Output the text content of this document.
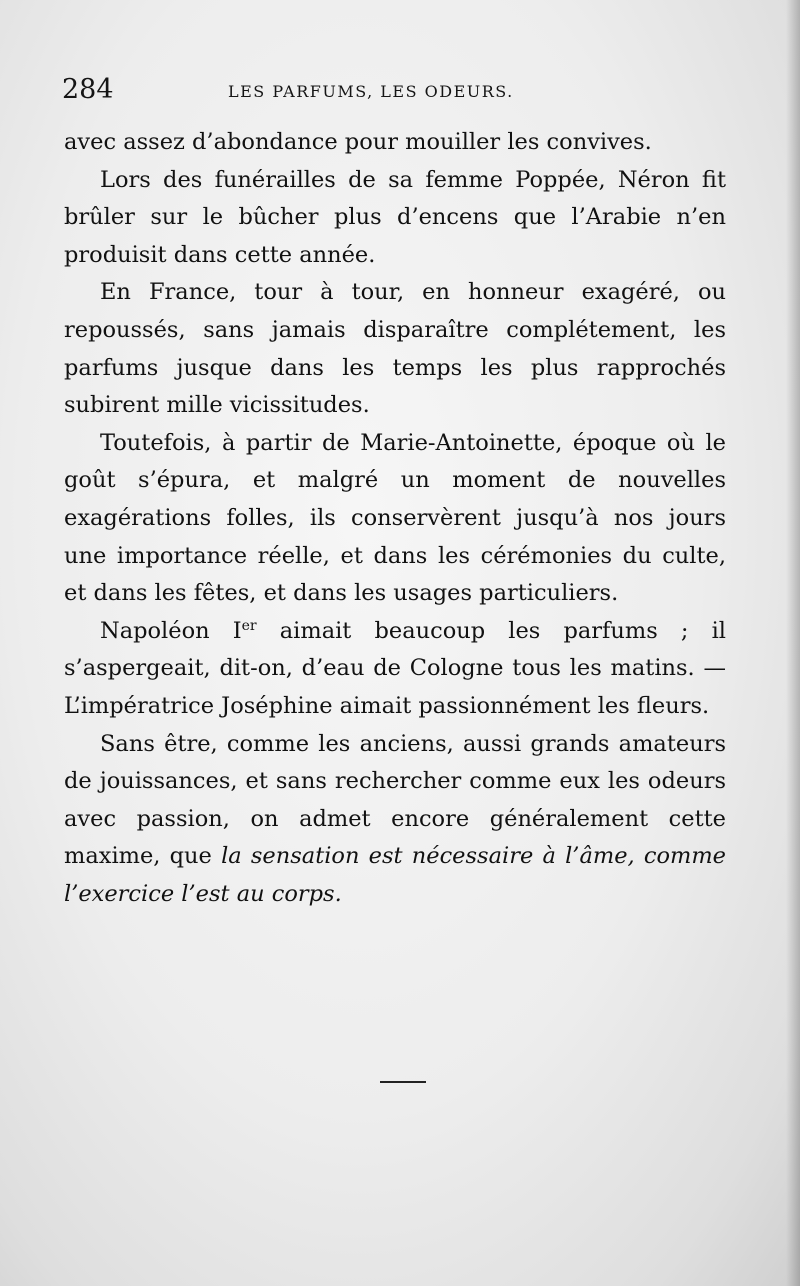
284	LES PARFUMS, LES ODEURS.

avec assez d’abondance pour mouiller les convives.

Lors des funérailles de sa femme Poppée, Néron fit brûler sur le bûcher plus d’encens que l’Arabie n’en produisit dans cette année.

En France, tour à tour, en honneur exagéré, ou repoussés, sans jamais disparaître complétement, les parfums jusque dans les temps les plus rapprochés subirent mille vicissitudes.

Toutefois, à partir de Marie-Antoinette, époque où le goût s’épura, et malgré un moment de nouvelles exagérations folles, ils conservèrent jusqu’à nos jours une importance réelle, et dans les cérémonies du culte, et dans les fêtes, et dans les usages particuliers.

Napoléon Ier aimait beaucoup les parfums ; il s’aspergeait, dit-on, d’eau de Cologne tous les matins. — L’impératrice Joséphine aimait passionnément les fleurs.

Sans être, comme les anciens, aussi grands amateurs de jouissances, et sans rechercher comme eux les odeurs avec passion, on admet encore généralement cette maxime, que la sensation est nécessaire à l’âme, comme l’exercice l’est au corps.
